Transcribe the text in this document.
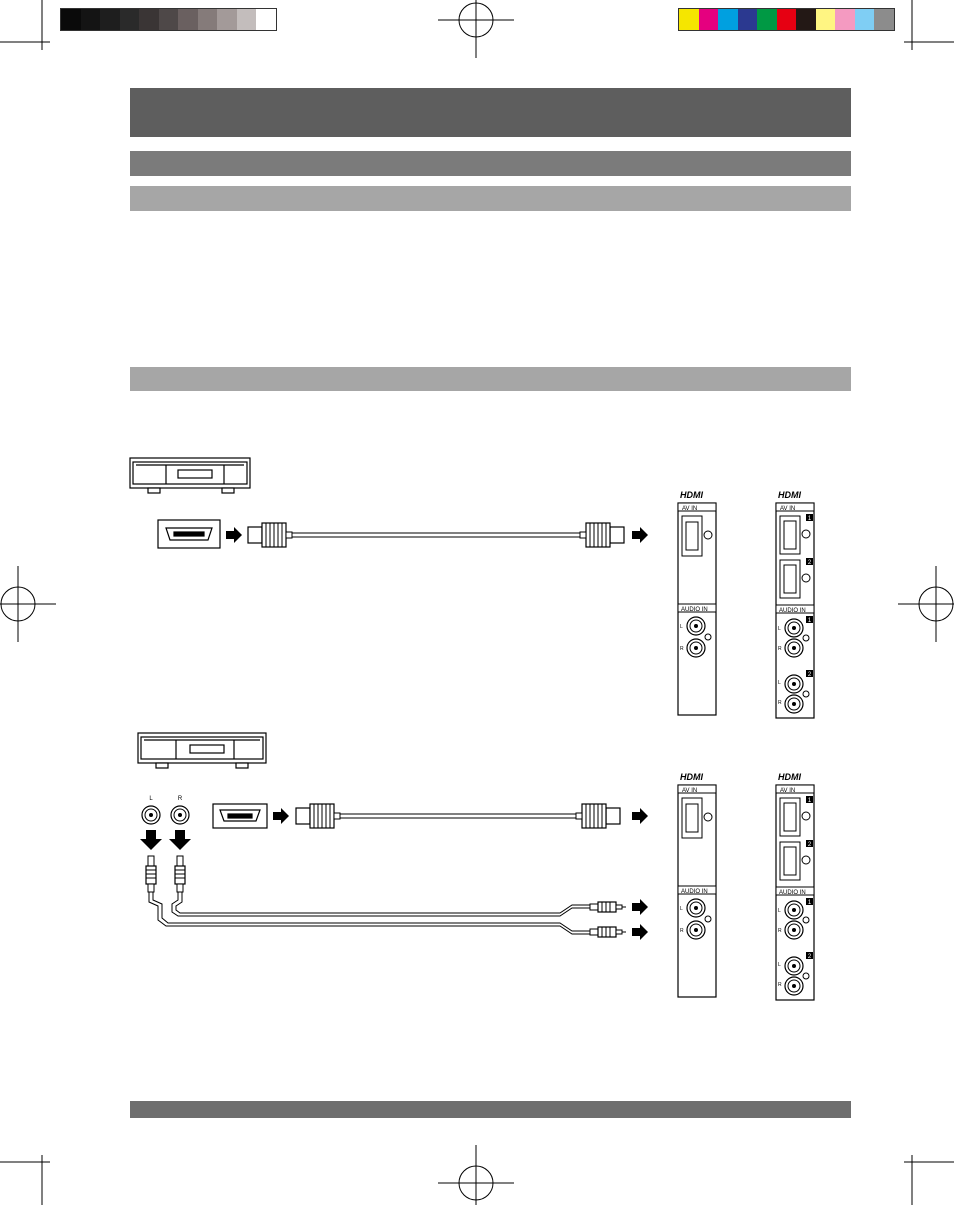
L	R
HDMI
AV IN
AUDIO IN
L
R
HDMI
AV IN
AUDIO IN
L
R
HDMI
AV IN
1
2
AUDIO IN
1
L
R
2
L
R
HDMI
AV IN
1
2
AUDIO IN
1
L
R
2
L
R
